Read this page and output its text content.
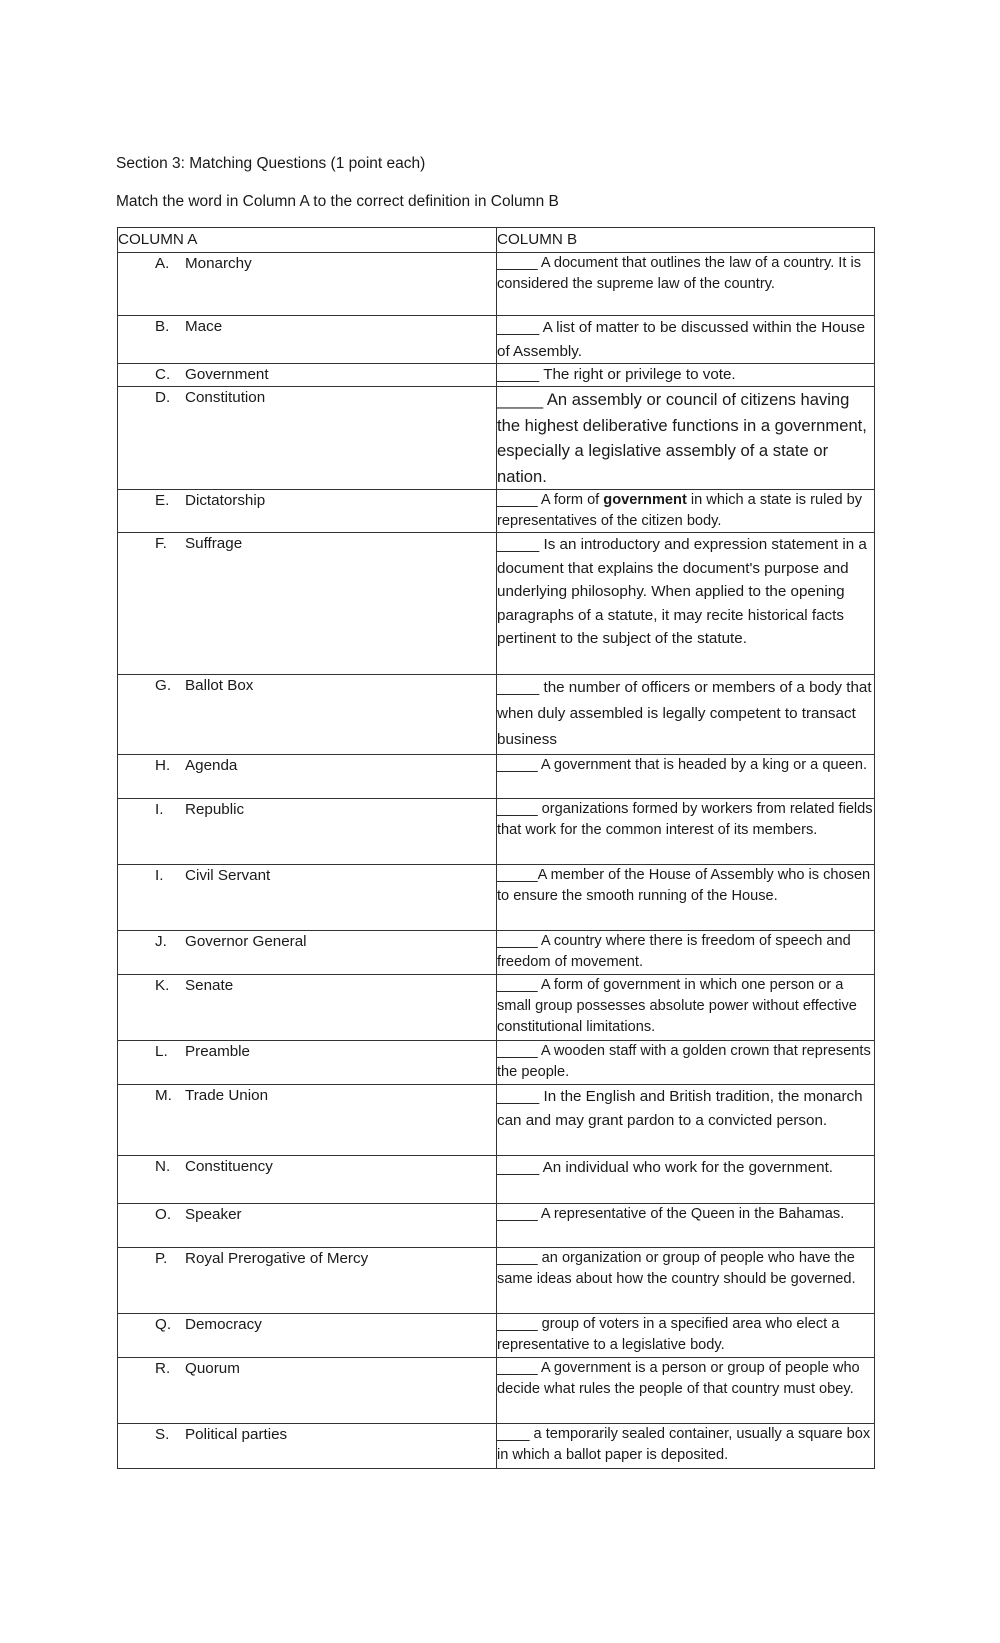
Section 3: Matching Questions (1 point each)
Match the word in Column A to the correct definition in Column B
COLUMN A	COLUMN B
A. Monarchy	_____ A document that outlines the law of a country. It is considered the supreme law of the country.
B. Mace	_____ A list of matter to be discussed within the House of Assembly.
C. Government	_____ The right or privilege to vote.
D. Constitution	_____ An assembly or council of citizens having the highest deliberative functions in a government, especially a legislative assembly of a state or nation.
E. Dictatorship	_____ A form of government in which a state is ruled by representatives of the citizen body.
F. Suffrage	_____ Is an introductory and expression statement in a document that explains the document's purpose and underlying philosophy. When applied to the opening paragraphs of a statute, it may recite historical facts pertinent to the subject of the statute.
G. Ballot Box	_____ the number of officers or members of a body that when duly assembled is legally competent to transact business
H. Agenda	_____ A government that is headed by a king or a queen.
I. Republic	_____ organizations formed by workers from related fields that work for the common interest of its members.
I. Civil Servant	_____A member of the House of Assembly who is chosen to ensure the smooth running of the House.
J. Governor General	_____ A country where there is freedom of speech and freedom of movement.
K. Senate	_____ A form of government in which one person or a small group possesses absolute power without effective constitutional limitations.
L. Preamble	_____ A wooden staff with a golden crown that represents the people.
M. Trade Union	_____ In the English and British tradition, the monarch can and may grant pardon to a convicted person.
N. Constituency	_____ An individual who work for the government.
O. Speaker	_____ A representative of the Queen in the Bahamas.
P. Royal Prerogative of Mercy	_____ an organization or group of people who have the same ideas about how the country should be governed.
Q. Democracy	_____ group of voters in a specified area who elect a representative to a legislative body.
R. Quorum	_____ A government is a person or group of people who decide what rules the people of that country must obey.
S. Political parties	____ a temporarily sealed container, usually a square box in which a ballot paper is deposited.
